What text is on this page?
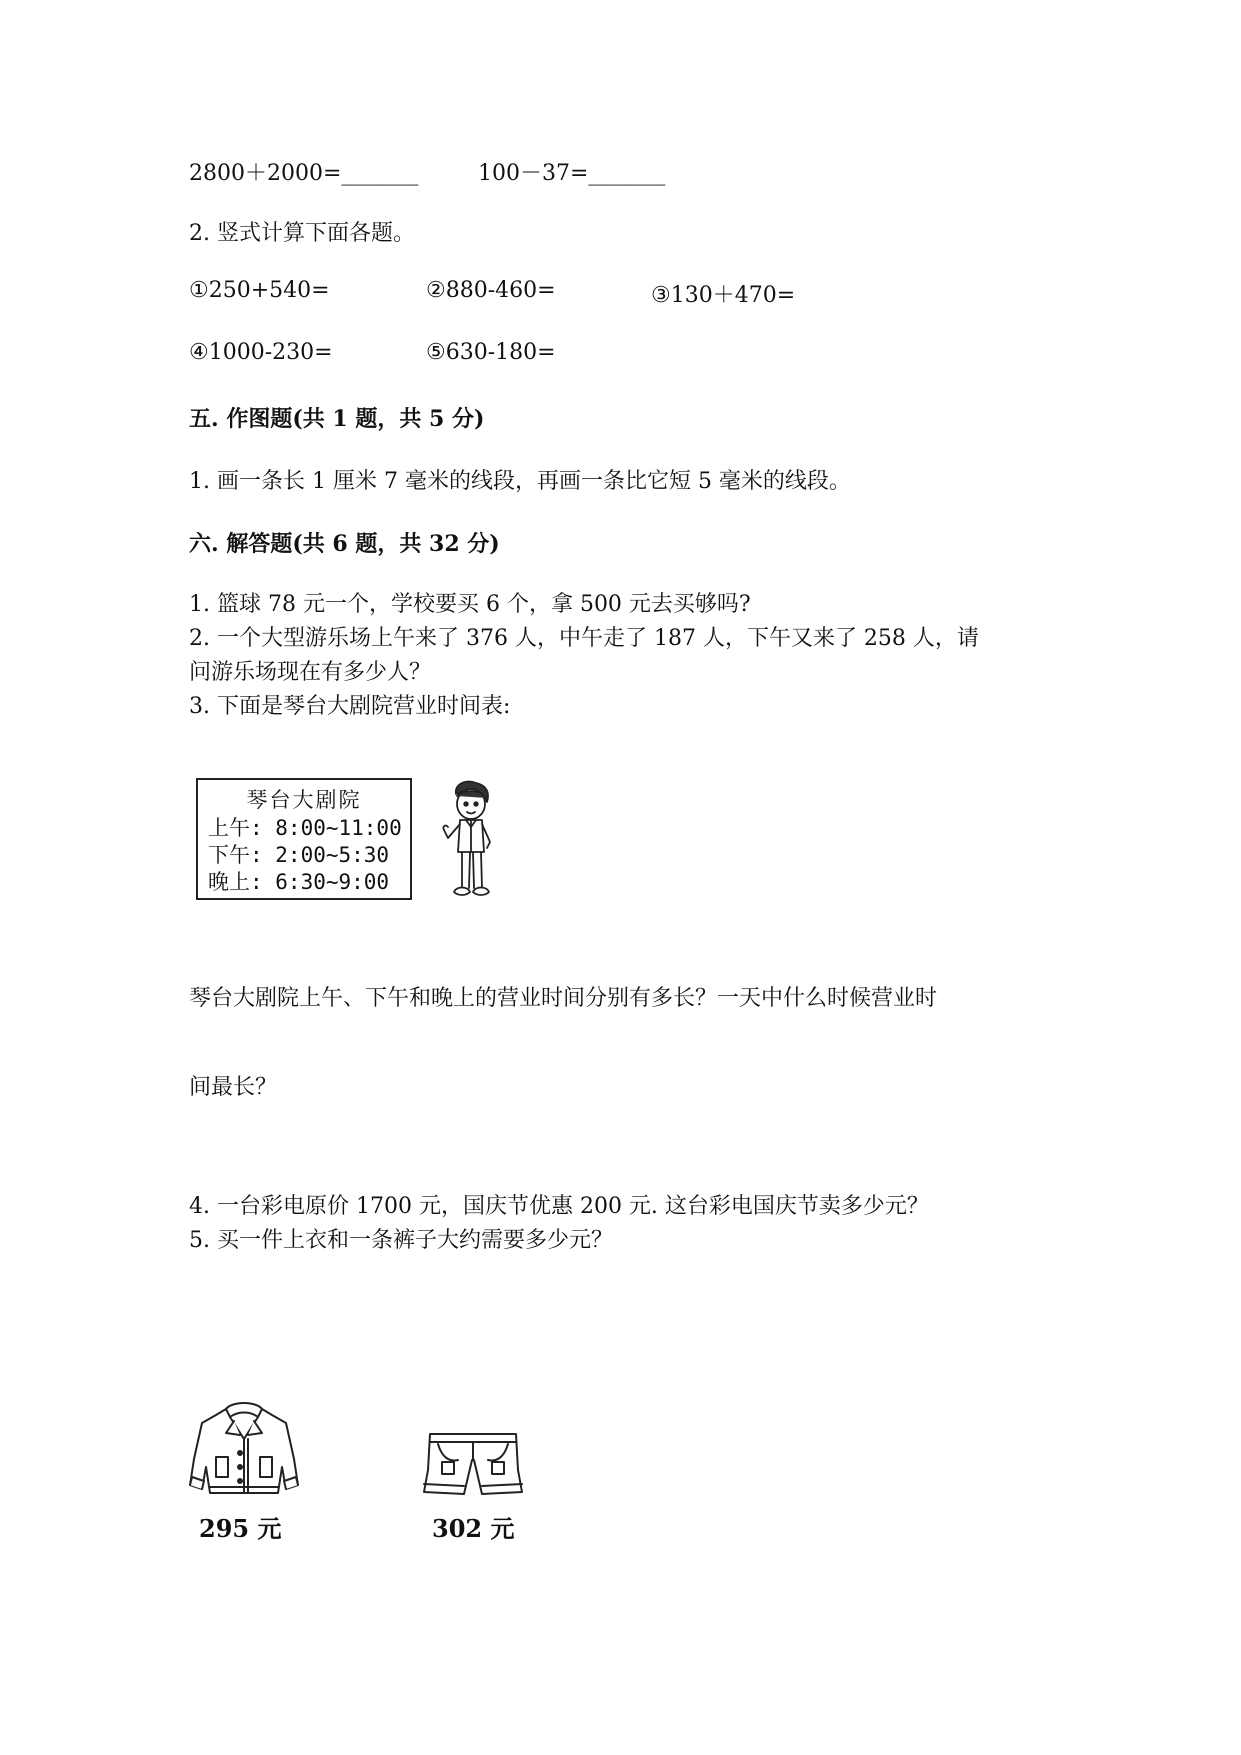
2800＋2000=_______	100－37=_______
2. 竖式计算下面各题。
①250+540=	②880-460=	③130＋470=
④1000-230=	⑤630-180=
五. 作图题(共 1 题，共 5 分)
1. 画一条长 1 厘米 7 毫米的线段，再画一条比它短 5 毫米的线段。
六. 解答题(共 6 题，共 32 分)
1. 篮球 78 元一个，学校要买 6 个，拿 500 元去买够吗?
2. 一个大型游乐场上午来了 376 人，中午走了 187 人，下午又来了 258 人，请
问游乐场现在有多少人？
3. 下面是琴台大剧院营业时间表:
琴台大剧院
上午: 8:00~11:00
下午: 2:00~5:30
晚上: 6:30~9:00
琴台大剧院上午、下午和晚上的营业时间分别有多长？一天中什么时候营业时
间最长？
4. 一台彩电原价 1700 元，国庆节优惠 200 元. 这台彩电国庆节卖多少元？
5. 买一件上衣和一条裤子大约需要多少元？
295 元	302 元
